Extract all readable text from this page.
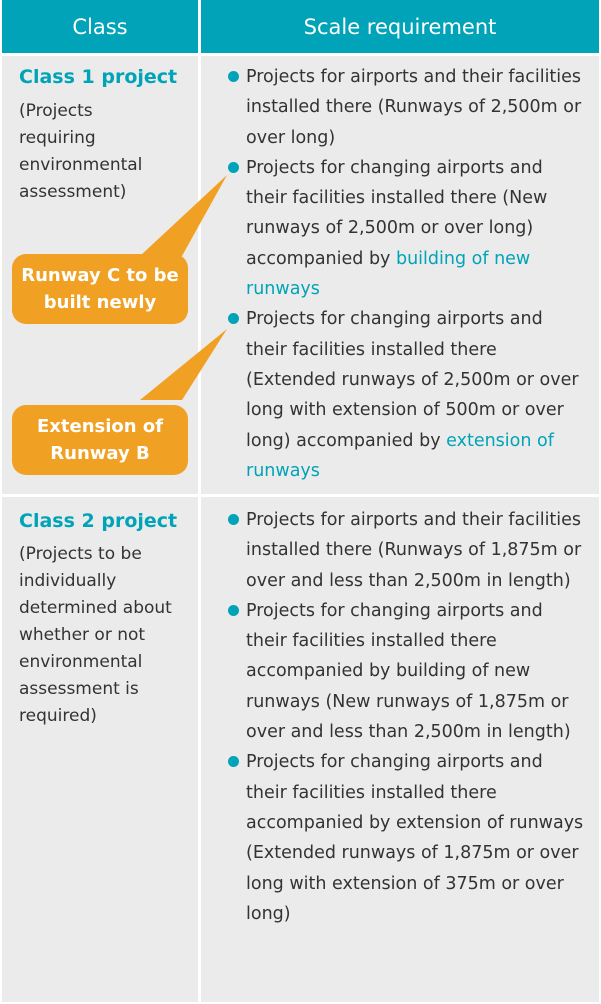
Class	Scale requirement
Class 1 project
(Projects requiring environmental assessment)
Class 2 project
(Projects to be individually determined about whether or not environmental assessment is required)
Projects for airports and their facilities installed there (Runways of 2,500m or over long)
Projects for changing airports and their facilities installed there (New runways of 2,500m or over long) accompanied by building of new runways
Projects for changing airports and their facilities installed there (Extended runways of 2,500m or over long with extension of 500m or over long) accompanied by extension of runways
Projects for airports and their facilities installed there (Runways of 1,875m or over and less than 2,500m in length)
Projects for changing airports and their facilities installed there accompanied by building of new runways (New runways of 1,875m or over and less than 2,500m in length)
Projects for changing airports and their facilities installed there accompanied by extension of runways (Extended runways of 1,875m or over long with extension of 375m or over long)
Runway C to be built newly
Extension of Runway B
